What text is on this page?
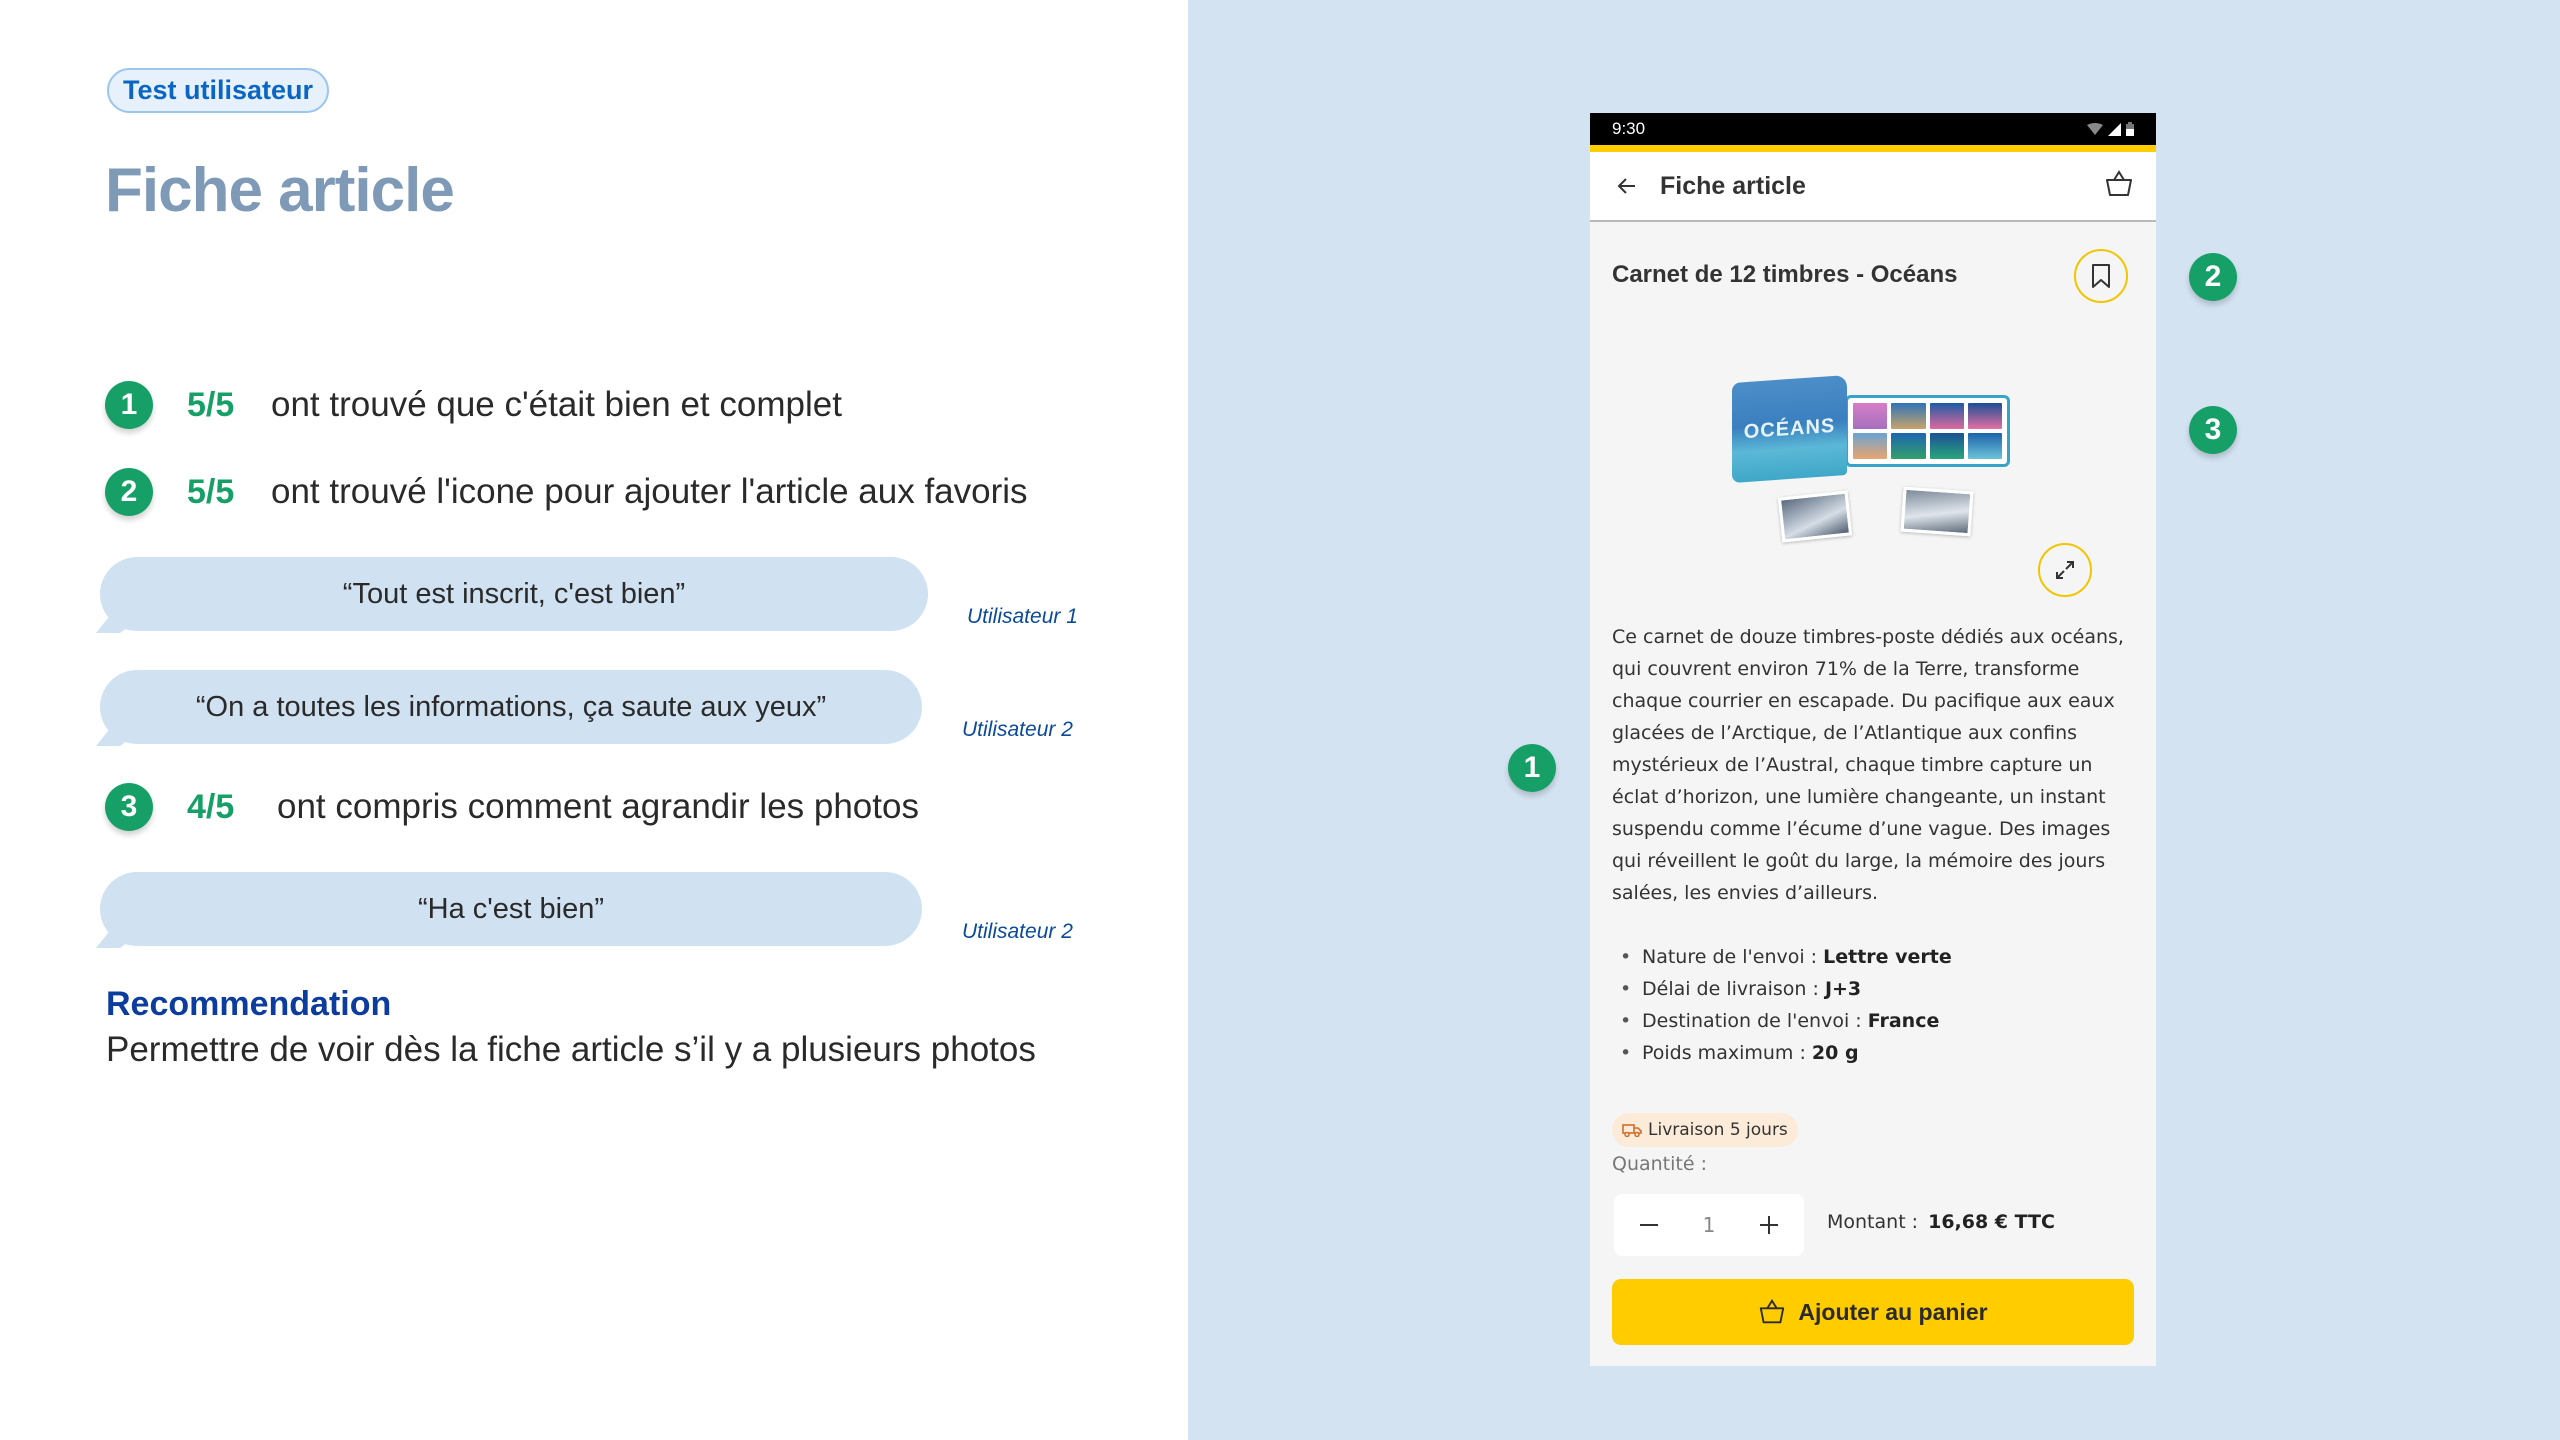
Test utilisateur
Fiche article
1	5/5	ont trouvé que c'était bien et complet
2	5/5	ont trouvé l'icone pour ajouter l'article aux favoris
“Tout est inscrit, c'est bien”
Utilisateur 1
“On a toutes les informations, ça saute aux yeux”
Utilisateur 2
3	4/5	ont compris comment agrandir les photos
“Ha c'est bien”
Utilisateur 2
Recommendation
Permettre de voir dès la fiche article s’il y a plusieurs photos
1
2
3
9:30
Fiche article
Carnet de 12 timbres - Océans
OCÉANS
Ce carnet de douze timbres-poste dédiés aux océans, qui couvrent environ 71% de la Terre, transforme chaque courrier en escapade. Du pacifique aux eaux glacées de l’Arctique, de l’Atlantique aux confins mystérieux de l’Austral, chaque timbre capture un éclat d’horizon, une lumière changeante, un instant suspendu comme l’écume d’une vague. Des images qui réveillent le goût du large, la mémoire des jours salées, les envies d’ailleurs.
• Nature de l'envoi : Lettre verte
• Délai de livraison : J+3
• Destination de l'envoi : France
• Poids maximum : 20 g
Livraison 5 jours
Quantité :
1	Montant : 16,68 € TTC
Ajouter au panier
